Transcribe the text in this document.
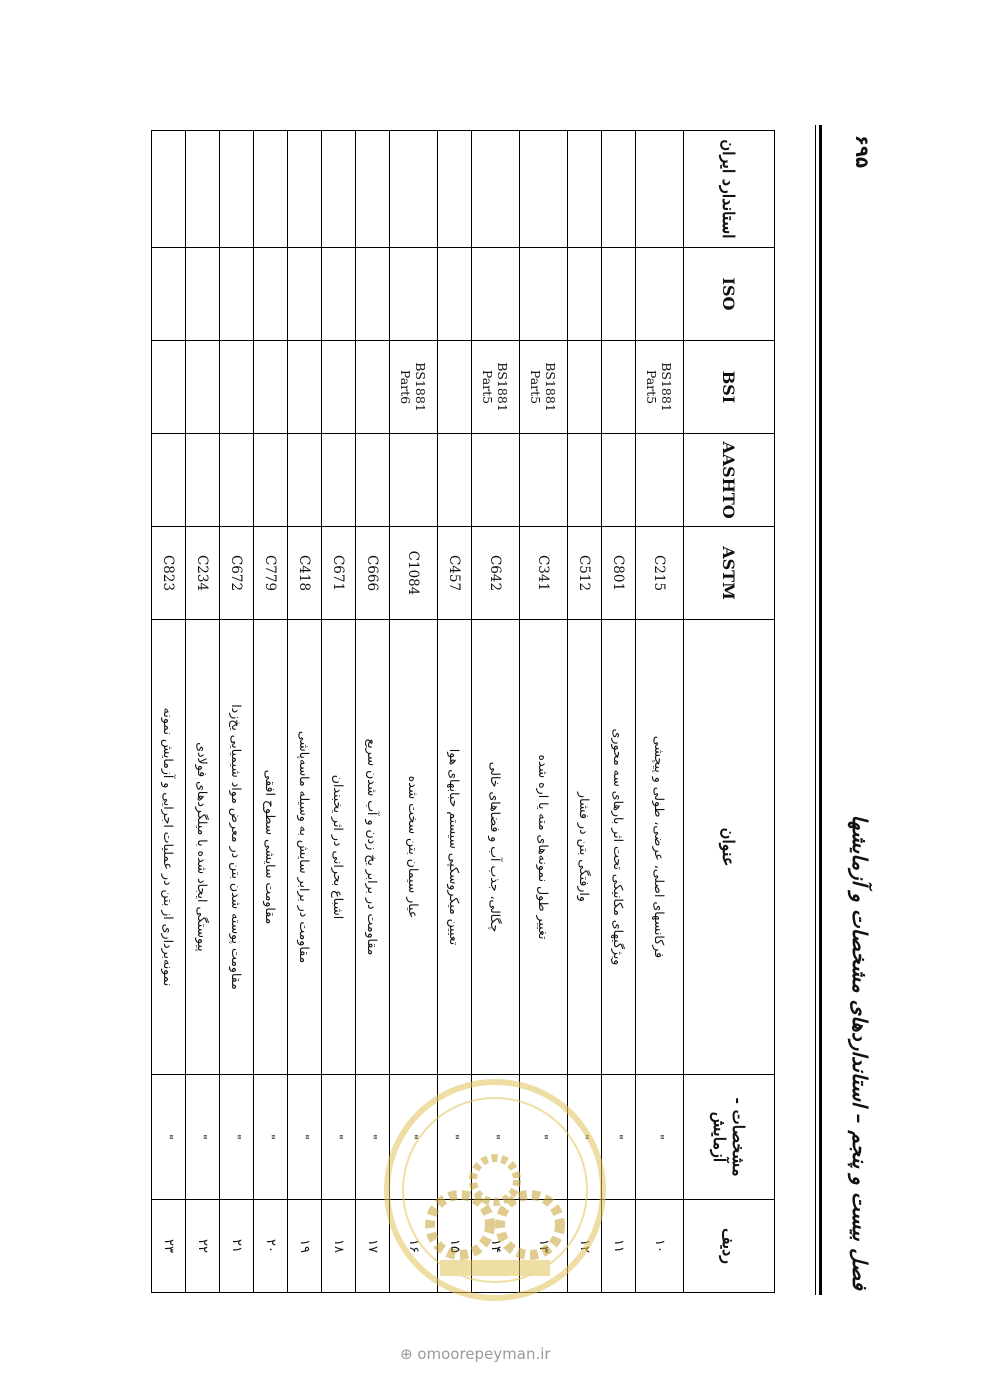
فصل بیست و پنجم – استانداردهای مشخصات و آزمایشها
۶۹۵
ردیف	مشخصات - آزمایش	عنوان	ASTM	AASHTO	BSI	ISO	استاندارد ایران
۱۰	"	فرکانسهای اصلی، عرضی، طولی و پیچشی	C215		BS1881
Part5		

۱۱	"	ویژگیهای مکانیکی تحت اثر بارهای سه محوری	C801				
۱۲	"	وارفتگی بتن در فشار	C512				
۱۳	"	تغییر طول نمونه‌های مته یا اره شده	C341		BS1881
Part5		

۱۴	"	چگالی، جذب آب و فضاهای خالی	C642		BS1881
Part5		

۱۵	"	تعیین میکروسکپی سیستم حبابهای هوا	C457				
۱۶	"	عیار سیمان بتن سخت شده	C1084		BS1881
Part6		

۱۷	"	مقاومت در برابر یخ زدن و آب شدن سریع	C666				
۱۸	"	اشباع بحرانی در اثر یخبندان	C671				
۱۹	"	مقاومت در برابر سایش به وسیله ماسه‌پاشی	C418				
۲۰	"	مقاومت سایشی سطوح افقی	C779				
۲۱	"	مقاومت پوسته شدن بتن در معرض مواد شیمیایی یخ‌زدا	C672				
۲۲	"	پیوستگی ایجاد شده با میلگردهای فولادی	C234				
۲۳	"	نمونه‌برداری از بتن در عملیات اجرایی و آزمایش نمونه	C823				
⊕ omoorepeyman.ir
